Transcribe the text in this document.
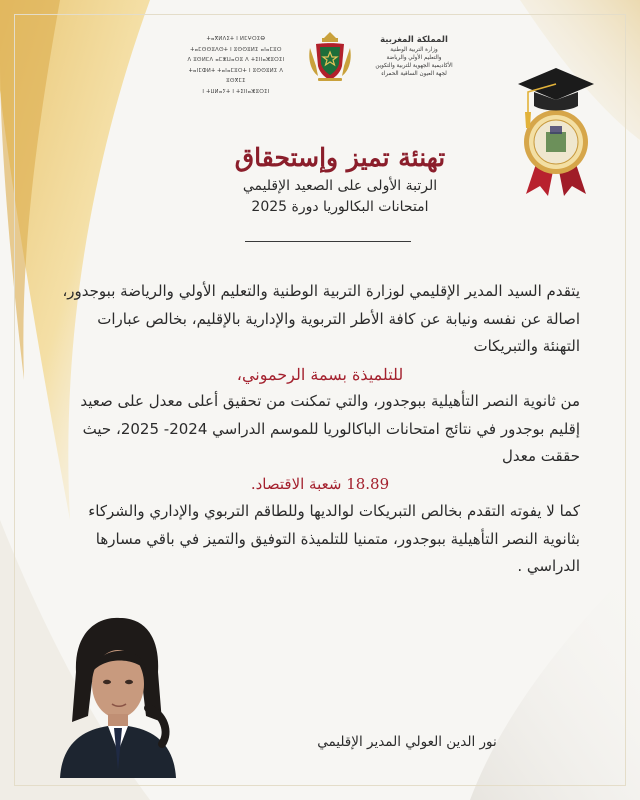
ⵜⴰⴳⵍⴷⵉⵜ ⵏ ⵍⵎⵖⵔⵉⴱ
ⵜⴰⵎⵙⵙⵓⴷⵙⵜ ⵏ ⵓⵙⵙⵓⵍⵉ ⴰⵏⴰⵎⵓⵔ
ⴷ ⵓⵙⵍⵎⴷ ⴰⵎⵣⵡⴰⵔⵓ ⴷ ⵜⵉⵏⵏⴰⵣⵓⵔⵉⵏ
ⵜⴰⵏⵎⵀⵍⵜ ⵜⴰⵏⴰⵎⵓⵔⵜ ⵏ ⵓⵙⵙⵓⵍⵉ ⴷ ⵓⵙⴳⵎⵉ
ⵏ ⵜⵡⵍⴰⵢⵜ ⵏ ⵜⵉⵏⵏⴰⵣⵓⵔⵉⵏ
المملكة المغربية
وزارة التربية الوطنية
والتعليم الأولي والرياضة
الأكاديمية الجهوية للتربية والتكوين
لجهة العيون الساقية الحمراء
تهنئة تميز وإستحقاق
الرتبة الأولى على الصعيد الإقليمي
امتحانات البكالوريا دورة 2025

يتقدم السيد المدير الإقليمي لوزارة التربية الوطنية والتعليم الأولي والرياضة ببوجدور، اصالة عن نفسه ونيابة عن كافة الأطر التربوية والإدارية بالإقليم، بخالص عبارات التهنئة والتبريكات

للتلميذة بسمة الرحموني،

من ثانوية النصر التأهيلية ببوجدور، والتي تمكنت من تحقيق أعلى معدل على صعيد إقليم بوجدور في نتائج امتحانات الباكالوريا للموسم الدراسي 2024- 2025، حيث حققت معدل

18.89 شعبة الاقتصاد.

كما لا يفوته التقدم بخالص التبريكات لوالديها وللطاقم التربوي والإداري والشركاء بثانوية النصر التأهيلية ببوجدور، متمنيا للتلميذة التوفيق والتميز في باقي مسارها الدراسي .

نور الدين العولي المدير الإقليمي
